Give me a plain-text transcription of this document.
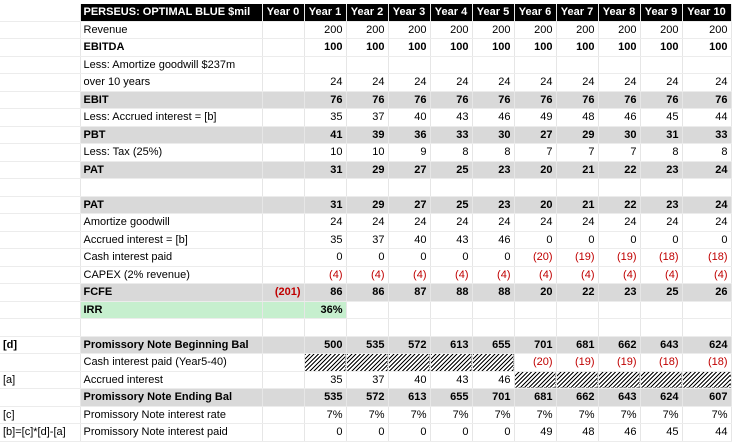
	PERSEUS: OPTIMAL BLUE $mil	Year 0	Year 1	Year 2	Year 3	Year 4	Year 5	Year 6	Year 7	Year 8	Year 9	Year 10
	Revenue		200	200	200	200	200	200	200	200	200	200
	EBITDA		100	100	100	100	100	100	100	100	100	100
	Less: Amortize goodwill $237m											
	over 10 years		24	24	24	24	24	24	24	24	24	24
	EBIT		76	76	76	76	76	76	76	76	76	76
	Less: Accrued interest = [b]		35	37	40	43	46	49	48	46	45	44
	PBT		41	39	36	33	30	27	29	30	31	33
	Less: Tax (25%)		10	10	9	8	8	7	7	7	8	8
	PAT		31	29	27	25	23	20	21	22	23	24

	PAT		31	29	27	25	23	20	21	22	23	24
	Amortize goodwill		24	24	24	24	24	24	24	24	24	24
	Accrued interest = [b]		35	37	40	43	46	0	0	0	0	0
	Cash interest paid		0	0	0	0	0	(20)	(19)	(19)	(18)	(18)
	CAPEX (2% revenue)		(4)	(4)	(4)	(4)	(4)	(4)	(4)	(4)	(4)	(4)
	FCFE	(201)	86	86	87	88	88	20	22	23	25	26
	IRR		36%									

[d]	Promissory Note Beginning Bal		500	535	572	613	655	701	681	662	643	624
	Cash interest paid (Year5-40)							(20)	(19)	(19)	(18)	(18)
[a]	Accrued interest		35	37	40	43	46					
	Promissory Note Ending Bal		535	572	613	655	701	681	662	643	624	607
[c]	Promissory Note interest rate		7%	7%	7%	7%	7%	7%	7%	7%	7%	7%
[b]=[c]*[d]-[a]	Promissory Note interest paid		0	0	0	0	0	49	48	46	45	44
